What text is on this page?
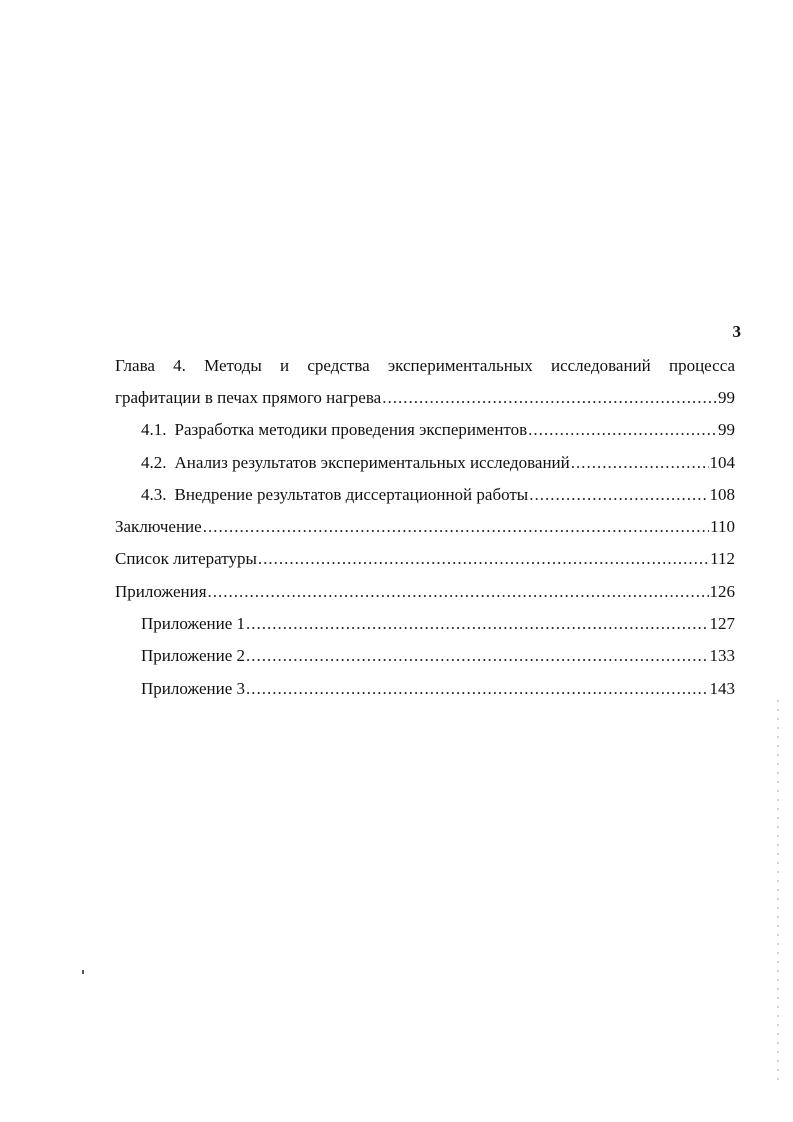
3
Глава 4. Методы и средства экспериментальных исследований процесса
графитации в печах прямого нагрева .....	99
4.1. Разработка методики проведения экспериментов .....	99
4.2. Анализ результатов экспериментальных исследований .....	104
4.3. Внедрение результатов диссертационной работы .....	108
Заключение .....	110
Список литературы .....	112
Приложения .....	126
Приложение 1 .....	127
Приложение 2 .....	133
Приложение 3 .....	143
